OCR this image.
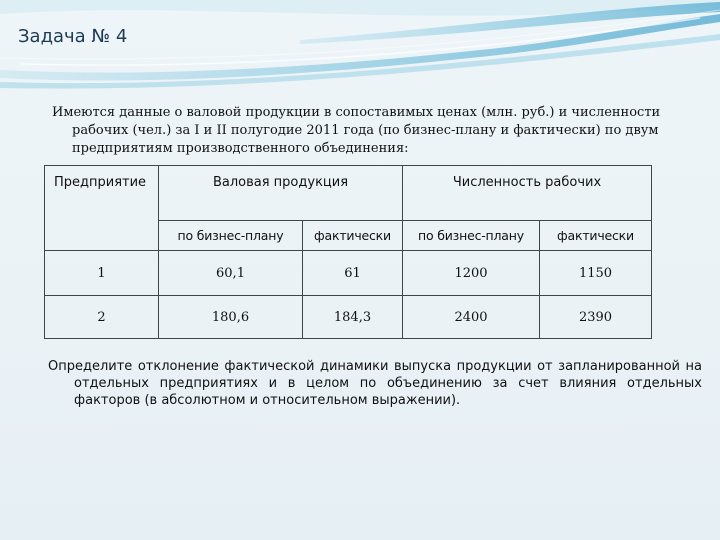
Задача № 4

Имеются данные о валовой продукции в сопоставимых ценах (млн. руб.) и численности рабочих (чел.) за I и II полугодие 2011 года (по бизнес-плану и фактически) по двум предприятиям производственного объединения:

Предприятие	Валовая продукция		Численность рабочих	
	по бизнес-плану	фактически	по бизнес-плану	фактически
1	60,1	61	1200	1150
2	180,6	184,3	2400	2390

Определите отклонение фактической динамики выпуска продукции от запланированной на отдельных предприятиях и в целом по объединению за счет влияния отдельных факторов (в абсолютном и относительном выражении).
